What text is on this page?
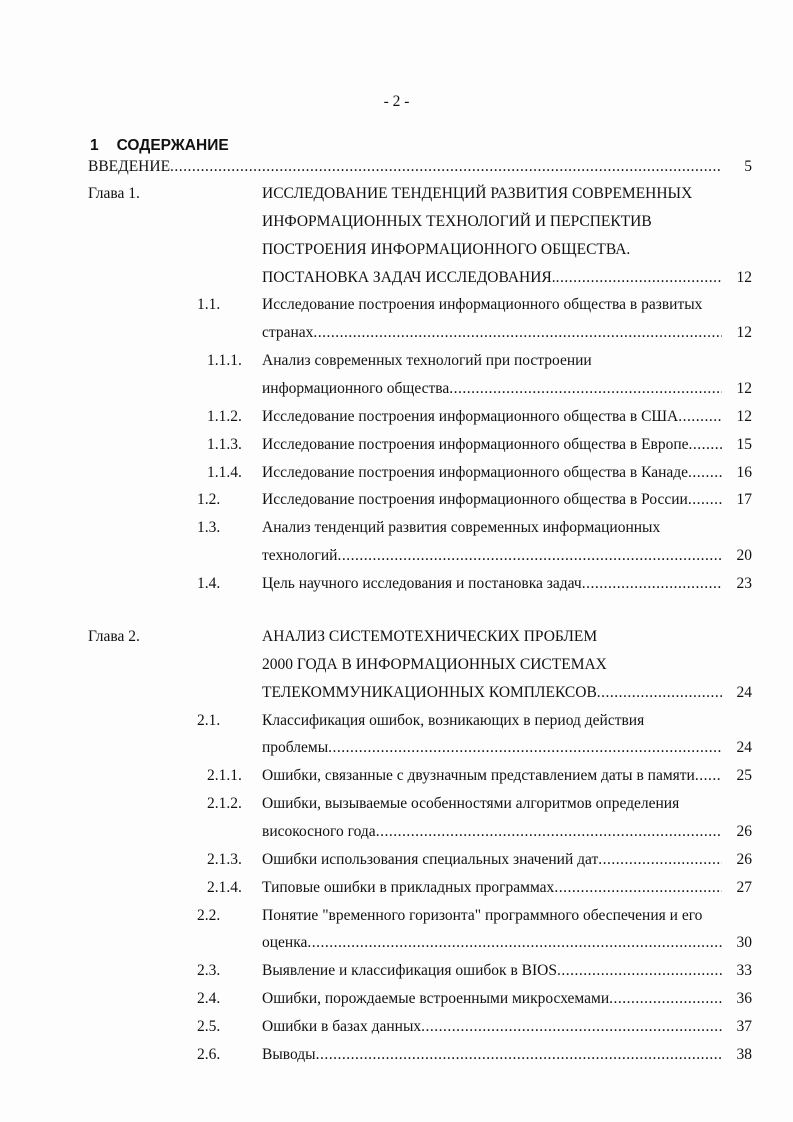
- 2 -
1 СОДЕРЖАНИЕ
ВВЕДЕНИЕ .....	5
Глава 1.	ИССЛЕДОВАНИЕ ТЕНДЕНЦИЙ РАЗВИТИЯ СОВРЕМЕННЫХ
ИНФОРМАЦИОННЫХ ТЕХНОЛОГИЙ И ПЕРСПЕКТИВ
ПОСТРОЕНИЯ ИНФОРМАЦИОННОГО ОБЩЕСТВА.
ПОСТАНОВКА ЗАДАЧ ИССЛЕДОВАНИЯ. .....	12
1.1.	Исследование построения информационного общества в развитых
странах .....	12
1.1.1. Анализ современных технологий при построении
информационного общества .....	12
1.1.2. Исследование построения информационного общества в США .....	12
1.1.3. Исследование построения информационного общества в Европе .....	15
1.1.4. Исследование построения информационного общества в Канаде .....	16
1.2.	Исследование построения информационного общества в России .....	17
1.3.	Анализ тенденций развития современных информационных
технологий .....	20
1.4.	Цель научного исследования и постановка задач .....	23
Глава 2.	АНАЛИЗ СИСТЕМОТЕХНИЧЕСКИХ ПРОБЛЕМ
2000 ГОДА В ИНФОРМАЦИОННЫХ СИСТЕМАХ
ТЕЛЕКОММУНИКАЦИОННЫХ КОМПЛЕКСОВ .....	24
2.1.	Классификация ошибок, возникающих в период действия
проблемы .....	24
2.1.1. Ошибки, связанные с двузначным представлением даты в памяти .....	25
2.1.2. Ошибки, вызываемые особенностями алгоритмов определения
високосного года .....	26
2.1.3. Ошибки использования специальных значений дат .....	26
2.1.4. Типовые ошибки в прикладных программах .....	27
2.2.	Понятие "временного горизонта" программного обеспечения и его
оценка .....	30
2.3.	Выявление и классификация ошибок в BIOS .....	33
2.4.	Ошибки, порождаемые встроенными микросхемами .....	36
2.5.	Ошибки в базах данных .....	37
2.6.	Выводы .....	38
